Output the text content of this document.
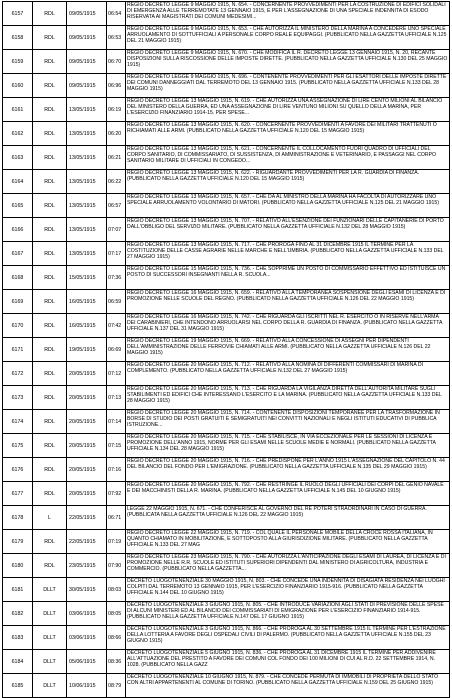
6157	RDL	09/05/1915	06:54	REGIO DECRETO LEGGE 9 MAGGIO 1915, N. 654. - CONCERNENTE PROVVEDIMENTI PER LA COSTRUZIONE DI EDIFICI SOLIDALI DI EMERGENZA ALLE TERREMOTATE 13 GENNAIO 1915, E PER L'ASSEGNAZIONE DI UNA SPECIALE INDENNITA DI ESODO RISERVATA AI MAGISTRATI DEI COMUNI MEDESIMI...

6158	RDL	09/05/1915	06:53	REGIO DECRETO LEGGE 9 MAGGIO 1915, N. 653. - CHE AUTORIZZA IL MINISTERO DELLA MARINA A CONCEDERE UNO SPECIALE ARRUOLAMENTO DI SOTTUFFICIALI A PERSONALE CORPO REALE EQUIPAGGI. (PUBBLICATO NELLA GAZZETTA UFFICIALE N.125 DEL 21 MAGGIO 1915)

6159	RDL	09/05/1915	06:70	REGIO DECRETO LEGGE 9 MAGGIO 1915, N. 670. - CHE MODIFICA IL R. DECRETO LEGGE 13 GENNAIO 1915, N. 20, RECANTE DISPOSIZIONI SULLA RISCOSSIONE DELLE IMPOSTE DIRETTE. (PUBBLICATO NELLA GAZZETTA UFFICIALE N.130 DEL 25 MAGGIO 1915)

6160	RDL	09/05/1915	06:96	REGIO DECRETO LEGGE 9 MAGGIO 1915, N. 696. - CONTENENTE PROVVEDIMENTI PER GLI ESATTORI DELLE IMPOSTE DIRETTE DEI COMUNI DANNEGGIATI DAL TERREMOTO DEL 13 GENNAIO 1915. (PUBBLICATO NELLA GAZZETTA UFFICIALE N.133 DEL 28 MAGGIO 1915)

6161	RDL	13/05/1915	06:19	REGIO DECRETO LEGGE 13 MAGGIO 1915, N. 619. - CHE AUTORIZZA UNA ASSEGNAZIONE DI LIRE CENTO MILIONI AL BILANCIO DEL MINISTERO DELLA GUERRA, ED UNA ASSEGNAZIONE DI LIRE VENTUNO MILIONI SU QUELLO DELLA MARINA, PER L'ESERCIZIO FINANZIARIO 1914-15. PER SPESE...

6162	RDL	13/05/1915	06:20	REGIO DECRETO LEGGE 13 MAGGIO 1915, N. 620. - CONCERNENTE PROVVEDIMENTI A FAVORE DEI MILITARI TRATTENUTI O RICHIAMATI ALLE ARMI. (PUBBLICATO NELLA GAZZETTA UFFICIALE N.120 DEL 15 MAGGIO 1915)

6163	RDL	13/05/1915	06:21	REGIO DECRETO LEGGE 13 MAGGIO 1915, N. 621. - CONCERNENTE IL COLLOCAMENTO FUORI QUADRO DI UFFICIALI DEL CORPO SANITARIO, DI COMMISSARIATO, DI SUSSISTENZA, DI AMMINISTRAZIONE E VETERINARIO, E PASSAGGI NEL CORPO SANITARIO MILITARE DI UFFICIALI IN CONGEDO...

6164	RDL	13/05/1915	06:22	REGIO DECRETO LEGGE 13 MAGGIO 1915, N. 622. - RIGUARDANTE PROVVEDIMENTI PER LA R. GUARDIA DI FINANZA. (PUBBLICATO NELLA GAZZETTA UFFICIALE N.120 DEL 15 MAGGIO 1915)

6165	RDL	13/05/1915	06:57	REGIO DECRETO LEGGE 13 MAGGIO 1915, N. 657. - CHE DA AL MINISTRO DELLA MARINA HA FACOLTA DI AUTORIZZARE UNO SPECIALE ARRUOLAMENTO VOLONTARIO DI MATORI. (PUBBLICATO NELLA GAZZETTA UFFICIALE N.125 DEL 21 MAGGIO 1915)

6166	RDL	13/05/1915	07:07	REGIO DECRETO LEGGE 13 MAGGIO 1915, N. 707. - RELATIVO ALL'ESENZIONE DEI FUNZIONARI DELLE CAPITANERIE DI PORTO DALL'OBBLIGO DEL SERVIZIO MILITARE. (PUBBLICATO NELLA GAZZETTA UFFICIALE N.132 DEL 28 MAGGIO 1915)

6167	RDL	13/05/1915	07:17	REGIO DECRETO LEGGE 13 MAGGIO 1915, N. 717. - CHE PROROGA FINO AL 31 DICEMBRE 1915 IL TERMINE PER LA COSTITUZIONE DELLE CASSE AGRARIE NELLE MARCHE E NELL'UMBRIA. (PUBBLICATO NELLA GAZZETTA UFFICIALE N.133 DEL 27 MAGGIO 1915)

6168	RDL	15/05/1915	07:36	REGIO DECRETO LEGGE 15 MAGGIO 1915, N. 736. - CHE SOPPRIME UN POSTO DI COMMISSARIO EFFETTIVO ED ISTITUISCE UN POSTO DI SUCCESSORI INSEGNANTI NELLA R. SCUOLA...

6169	RDL	16/05/1915	06:59	REGIO DECRETO LEGGE 16 MAGGIO 1915, N. 659. - RELATIVO ALLA TEMPORANEA SOSPENSIONE DEGLI ESAMI DI LICENZA E DI PROMOZIONE NELLE SCUOLE DEL REGNO. (PUBBLICATO NELLA GAZZETTA UFFICIALE N.126 DEL 22 MAGGIO 1915)

6170	RDL	16/05/1915	07:42	REGIO DECRETO LEGGE 16 MAGGIO 1915, N. 742. - CHE RIGUARDA GLI ISCRITTI NEL R. ESERCITO O IN RISERVE NELL'ARMA DEI CARABINIERI, CHE INTENDONO ARRUOLARSI NEL CORPO DELLA R. GUARDIA DI FINANZA. (PUBBLICATO NELLA GAZZETTA UFFICIALE N.137 DEL 31 MAGGIO 1915)

6171	RDL	19/05/1915	06:69	REGIO DECRETO LEGGE 19 MAGGIO 1915, N. 669. - RELATIVO ALLA CONCESSIONE DI ASSEGNI PER DIPENDENTI DELL'AMMINISTRAZIONE DELLE FERROVIE CHIAMATI ALLE ARMI. (PUBBLICATO NELLA GAZZETTA UFFICIALE N.126 DEL 22 MAGGIO 1915)

6172	RDL	20/05/1915	07:12	REGIO DECRETO LEGGE 20 MAGGIO 1915, N. 712. - RELATIVO ALLA NOMINA DI DIFFERENTI COMMISSARI DI MARINA DI COMPLEMENTO. (PUBBLICATO NELLA GAZZETTA UFFICIALE N.132 DEL 27 MAGGIO 1915)

6173	RDL	20/05/1915	07:13	REGIO DECRETO LEGGE 20 MAGGIO 1915, N. 713. - CHE RIGUARDA LA VIGILANZA DIRETTA DELL'AUTORITA MILITARE SUGLI STABILIMENTI ED EDIFICI CHE INTERESSANO L'ESERCITO E LA MARINA. (PUBBLICATO NELLA GAZZETTA UFFICIALE N.133 DEL 28 MAGGIO 1915)

6174	RDL	20/05/1915	07:14	REGIO DECRETO LEGGE 20 MAGGIO 1915, N. 714. - CONTENENTE DISPOSIZIONI TEMPORANEE PER LA TRASFORMAZIONE IN BORSE DI STUDIO DEI POSTI GRATUITI E SEMIGRATUITI NEI CONVITTI NAZIONALI E NEGLI ISTITUTI EDUCATIVI DI PUBBLICA ISTRUZIONE...

6175	RDL	20/05/1915	07:15	REGIO DECRETO LEGGE 20 MAGGIO 1915, N. 715. - CHE STABILISCE, IN VIA ECCEZIONALE PER LE SESSIONI DI LICENZA E PROMOZIONE DELL'ANNO 1915, NORME PER GLI ESAMI NELLE SCUOLE MEDIE E NORMALI. (PUBBLICATO NELLA GAZZETTA UFFICIALE N.134 DEL 28 MAGGIO 1915)

6176	RDL	20/05/1915	07:16	REGIO DECRETO LEGGE 20 MAGGIO 1915, N. 716. - CHE PREDISPONE PER L'ANNO 1915 L'ASSEGNAZIONE DEL CAPITOLO N. 44 DEL BILANCIO DEL FONDO PER L'EMIGRAZIONE. (PUBBLICATO NELLA GAZZETTA UFFICIALE N.135 DEL 29 MAGGIO 1915)

6177	RDL	20/05/1915	07:92	REGIO DECRETO LEGGE 20 MAGGIO 1915, N. 792. - CHE RESTRINGE IL RUOLO DEGLI UFFICIALI DEI CORPI DEL GENIO NAVALE E DEI MACCHINISTI DELLA R. MARINA. (PUBBLICATO NELLA GAZZETTA UFFICIALE N.145 DEL 10 GIUGNO 1915)

6178	L	22/05/1915	06:71	LEGGE 22 MAGGIO 1915, N. 671. - CHE CONFERISCE AL GOVERNO DEL RE POTERI STRAORDINARI IN CASO DI GUERRA. (PUBBLICATA NELLA GAZZETTA UFFICIALE N.126 DEL 22 MAGGIO 1915)

6179	RDL	22/05/1915	07:19	REGIO DECRETO LEGGE 22 MAGGIO 1915, N. 719. - COL QUALE IL PERSONALE MOBILE DELLA CROCE ROSSA ITALIANA, IN QUANTO CHIAMATO IN MOBILITAZIONE, E SOTTOPOSTO ALLA GIURISDIZIONE MILITARE. (PUBBLICATO NELLA GAZZETTA UFFICIALE N.133 DEL 27 MAG

6180	RDL	23/05/1915	07:90	REGIO DECRETO LEGGE 23 MAGGIO 1915, N. 790. - CHE AUTORIZZA L'ANTICIPAZIONE DEGLI ESAMI DI LAUREA, DI LICENZA E DI PROMOZIONE NELLE R.R. SCUOLE ED ISTITUTI SUPERIORI DIPENDENTI DAL MINISTERO DI AGRICOLTURA, INDUSTRIA E COMMERCIO. (PUBBLICATO NELLA GAZZETTA...

6181	DLLT	30/05/1915	08:03	DECRETO LUOGOTENENZIALE 30 MAGGIO 1915, N. 803. - CHE CONCEDE UNA INDENNITA DI DISAGIATA RESIDENZA NEI LUOGHI COLPITI DAL TERREMOTO 13 GENNAIO 1915, PER L'ESERCIZIO FINANZIARIO 1915-916. (PUBBLICATO NELLA GAZZETTA UFFICIALE N.144 DEL 10 GIUGNO 1915)

6182	DLLT	03/06/1915	08:05	DECRETO LUOGOTENENZIALE 3 GIUGNO 1915, N. 805. - CHE INTRODUCE VARIAZIONI AGLI STATI DI PREVISIONE DELLE SPESE DI ALCUNI MINISTERI ED AL BILANCIO DEI COMMISSARIATI DI EMIGRAZIONE PER L'ESERCIZIO FINANZIARIO 1914-915. (PUBBLICATO NELLA GAZZETTA UFFICIALE N.147 DEL 17 GIUGNO 1915)

6183	DLLT	03/06/1915	08:66	DECRETO LUOGOTENENZIALE 3 GIUGNO 1915, N. 866. - CHE PROROGA AL 30 SETTEMBRE 1915 IL TERMINE PER L'ESTRAZIONE DELLA LOTTERIA A FAVORE DEGLI OSPEDALI CIVILI DI PALERMO. (PUBBLICATO NELLA GAZZETTA UFFICIALE N.155 DEL 23 GIUGNO 1915)

6184	DLLT	05/06/1915	08:36	DECRETO LUOGOTENENZIALE 5 GIUGNO 1915, N. 836. - CHE PROROGA AL 31 DICEMBRE 1915 IL TERMINE PER ADDIVENIRE ALL'ATTUAZIONE DEL PRESTITO A FAVORE DEI COMUNI COL FONDO DEI 100 MILIONI DI CUI AL R.D. 22 SETTEMBRE 1914, N. 1028. (PUBBLICATO NELLA GAZZ

6185	DLLT	10/06/1915	08:79	DECRETO LUOGOTENENZIALE 10 GIUGNO 1915, N. 879. - CHE CONCEDE PERMUTA DI IMMOBILI DI PROPRIETA DELLO STATO CON ALTRI APPARTENENTI AL COMUNE DI TORINO. (PUBBLICATO NELLA GAZZETTA UFFICIALE N.159 DEL 25 GIUGNO 1915)
